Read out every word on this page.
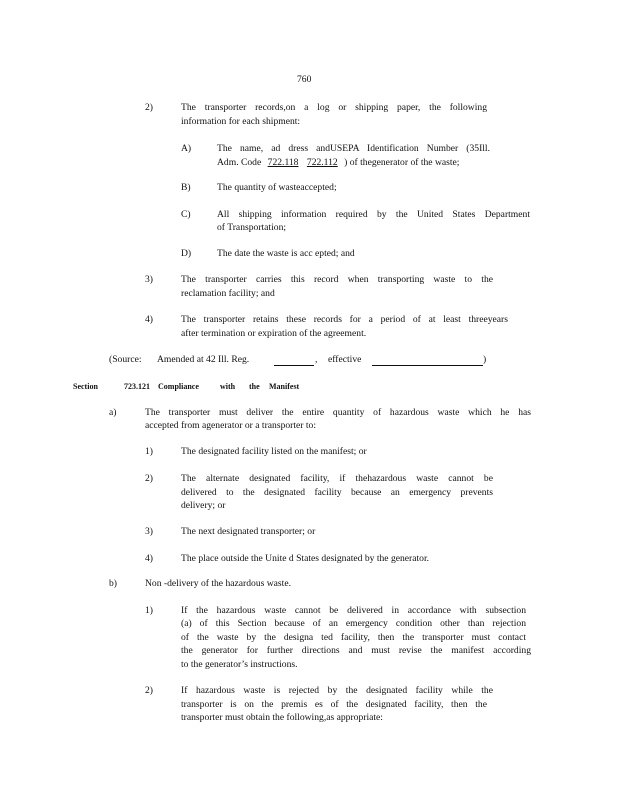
760
2)	The transporter records,on a log or shipping paper, the following
information for each shipment:
A)	The name, ad dress andUSEPA Identification Number (35Ill.
Adm. Code 722.118 722.112 ) of thegenerator of the waste;
B)	The quantity of wasteaccepted;
C)	All shipping information required by the United States Department
of Transportation;
D)	The date the waste is acc epted; and
3)	The transporter carries this record when transporting waste to the
reclamation facility; and
4)	The transporter retains these records for a period of at least threeyears
after termination or expiration of the agreement.
(Source: Amended at 42 Ill. Reg.	, effective	)
Section	723.121 Compliance	with the Manifest
a)	The transporter must deliver the entire quantity of hazardous waste which he has
accepted from agenerator or a transporter to:
1)	The designated facility listed on the manifest; or
2)	The alternate designated facility, if thehazardous waste cannot be
delivered to the designated facility because an emergency prevents
delivery; or
3)	The next designated transporter; or
4)	The place outside the Unite d States designated by the generator.
b)	Non -delivery of the hazardous waste.
1)	If the hazardous waste cannot be delivered in accordance with subsection
(a) of this Section because of an emergency condition other than rejection
of the waste by the designa ted facility, then the transporter must contact
the generator for further directions and must revise the manifest according
to the generator’s instructions.
2)	If hazardous waste is rejected by the designated facility while the
transporter is on the premis es of the designated facility, then the
transporter must obtain the following,as appropriate:
